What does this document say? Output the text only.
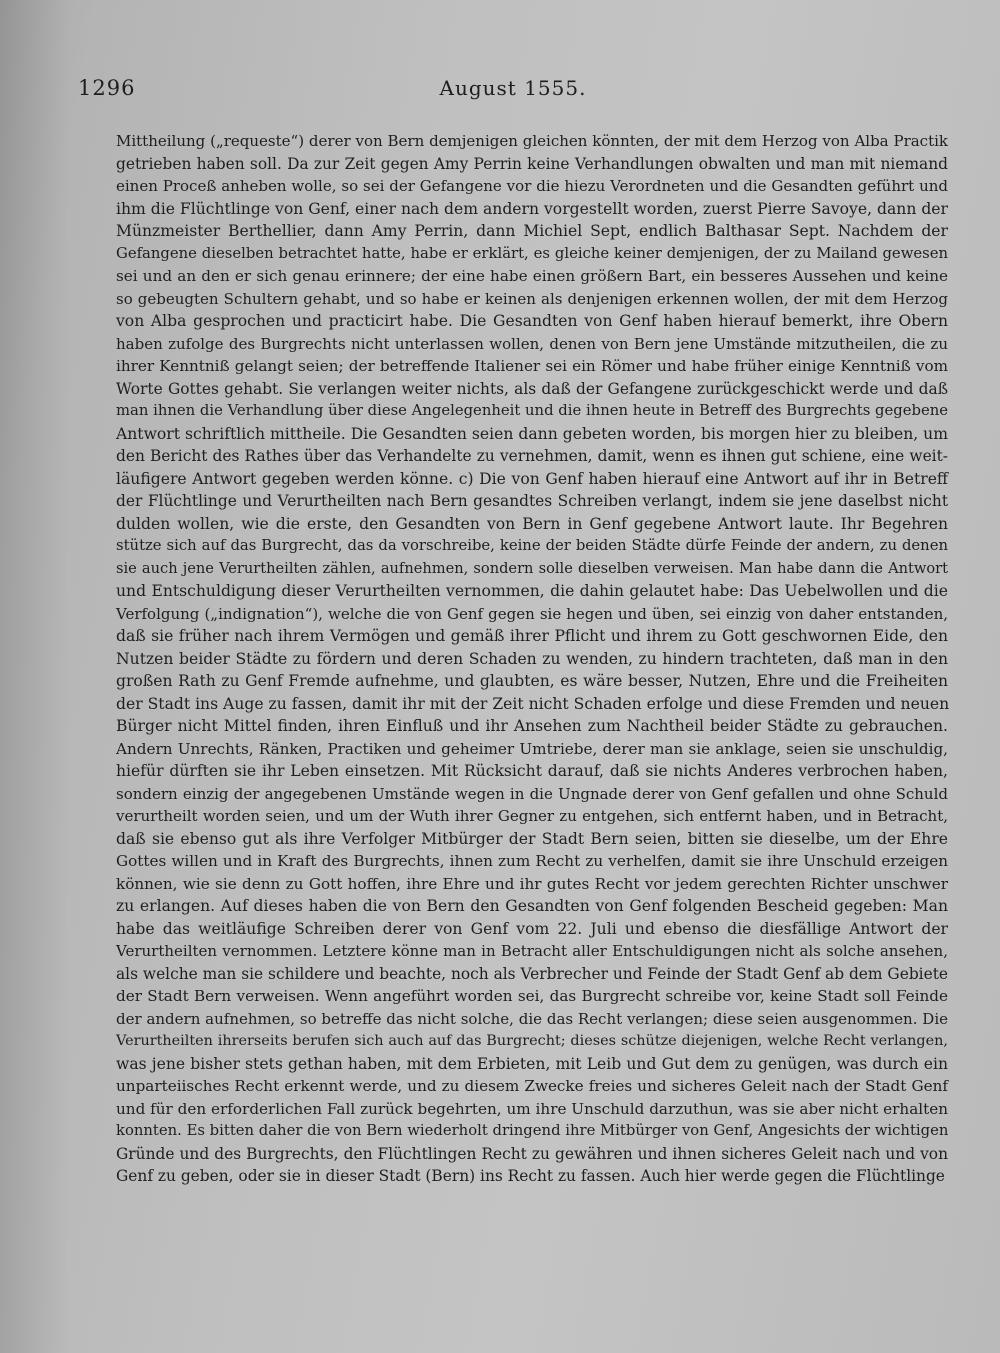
1296	August 1555.
Mittheilung („requeste“) derer von Bern demjenigen gleichen könnten, der mit dem Herzog von Alba Practik
getrieben haben soll. Da zur Zeit gegen Amy Perrin keine Verhandlungen obwalten und man mit niemand
einen Proceß anheben wolle, so sei der Gefangene vor die hiezu Verordneten und die Gesandten geführt und
ihm die Flüchtlinge von Genf, einer nach dem andern vorgestellt worden, zuerst Pierre Savoye, dann der
Münzmeister Berthellier, dann Amy Perrin, dann Michiel Sept, endlich Balthasar Sept. Nachdem der
Gefangene dieselben betrachtet hatte, habe er erklärt, es gleiche keiner demjenigen, der zu Mailand gewesen
sei und an den er sich genau erinnere; der eine habe einen größern Bart, ein besseres Aussehen und keine
so gebeugten Schultern gehabt, und so habe er keinen als denjenigen erkennen wollen, der mit dem Herzog
von Alba gesprochen und practicirt habe. Die Gesandten von Genf haben hierauf bemerkt, ihre Obern
haben zufolge des Burgrechts nicht unterlassen wollen, denen von Bern jene Umstände mitzutheilen, die zu
ihrer Kenntniß gelangt seien; der betreffende Italiener sei ein Römer und habe früher einige Kenntniß vom
Worte Gottes gehabt. Sie verlangen weiter nichts, als daß der Gefangene zurückgeschickt werde und daß
man ihnen die Verhandlung über diese Angelegenheit und die ihnen heute in Betreff des Burgrechts gegebene
Antwort schriftlich mittheile. Die Gesandten seien dann gebeten worden, bis morgen hier zu bleiben, um
den Bericht des Rathes über das Verhandelte zu vernehmen, damit, wenn es ihnen gut schiene, eine weit-
läufigere Antwort gegeben werden könne. c) Die von Genf haben hierauf eine Antwort auf ihr in Betreff
der Flüchtlinge und Verurtheilten nach Bern gesandtes Schreiben verlangt, indem sie jene daselbst nicht
dulden wollen, wie die erste, den Gesandten von Bern in Genf gegebene Antwort laute. Ihr Begehren
stütze sich auf das Burgrecht, das da vorschreibe, keine der beiden Städte dürfe Feinde der andern, zu denen
sie auch jene Verurtheilten zählen, aufnehmen, sondern solle dieselben verweisen. Man habe dann die Antwort
und Entschuldigung dieser Verurtheilten vernommen, die dahin gelautet habe: Das Uebelwollen und die
Verfolgung („indignation“), welche die von Genf gegen sie hegen und üben, sei einzig von daher entstanden,
daß sie früher nach ihrem Vermögen und gemäß ihrer Pflicht und ihrem zu Gott geschwornen Eide, den
Nutzen beider Städte zu fördern und deren Schaden zu wenden, zu hindern trachteten, daß man in den
großen Rath zu Genf Fremde aufnehme, und glaubten, es wäre besser, Nutzen, Ehre und die Freiheiten
der Stadt ins Auge zu fassen, damit ihr mit der Zeit nicht Schaden erfolge und diese Fremden und neuen
Bürger nicht Mittel finden, ihren Einfluß und ihr Ansehen zum Nachtheil beider Städte zu gebrauchen.
Andern Unrechts, Ränken, Practiken und geheimer Umtriebe, derer man sie anklage, seien sie unschuldig,
hiefür dürften sie ihr Leben einsetzen. Mit Rücksicht darauf, daß sie nichts Anderes verbrochen haben,
sondern einzig der angegebenen Umstände wegen in die Ungnade derer von Genf gefallen und ohne Schuld
verurtheilt worden seien, und um der Wuth ihrer Gegner zu entgehen, sich entfernt haben, und in Betracht,
daß sie ebenso gut als ihre Verfolger Mitbürger der Stadt Bern seien, bitten sie dieselbe, um der Ehre
Gottes willen und in Kraft des Burgrechts, ihnen zum Recht zu verhelfen, damit sie ihre Unschuld erzeigen
können, wie sie denn zu Gott hoffen, ihre Ehre und ihr gutes Recht vor jedem gerechten Richter unschwer
zu erlangen. Auf dieses haben die von Bern den Gesandten von Genf folgenden Bescheid gegeben: Man
habe das weitläufige Schreiben derer von Genf vom 22. Juli und ebenso die diesfällige Antwort der
Verurtheilten vernommen. Letztere könne man in Betracht aller Entschuldigungen nicht als solche ansehen,
als welche man sie schildere und beachte, noch als Verbrecher und Feinde der Stadt Genf ab dem Gebiete
der Stadt Bern verweisen. Wenn angeführt worden sei, das Burgrecht schreibe vor, keine Stadt soll Feinde
der andern aufnehmen, so betreffe das nicht solche, die das Recht verlangen; diese seien ausgenommen. Die
Verurtheilten ihrerseits berufen sich auch auf das Burgrecht; dieses schütze diejenigen, welche Recht verlangen,
was jene bisher stets gethan haben, mit dem Erbieten, mit Leib und Gut dem zu genügen, was durch ein
unparteiisches Recht erkennt werde, und zu diesem Zwecke freies und sicheres Geleit nach der Stadt Genf
und für den erforderlichen Fall zurück begehrten, um ihre Unschuld darzuthun, was sie aber nicht erhalten
konnten. Es bitten daher die von Bern wiederholt dringend ihre Mitbürger von Genf, Angesichts der wichtigen
Gründe und des Burgrechts, den Flüchtlingen Recht zu gewähren und ihnen sicheres Geleit nach und von
Genf zu geben, oder sie in dieser Stadt (Bern) ins Recht zu fassen. Auch hier werde gegen die Flüchtlinge
